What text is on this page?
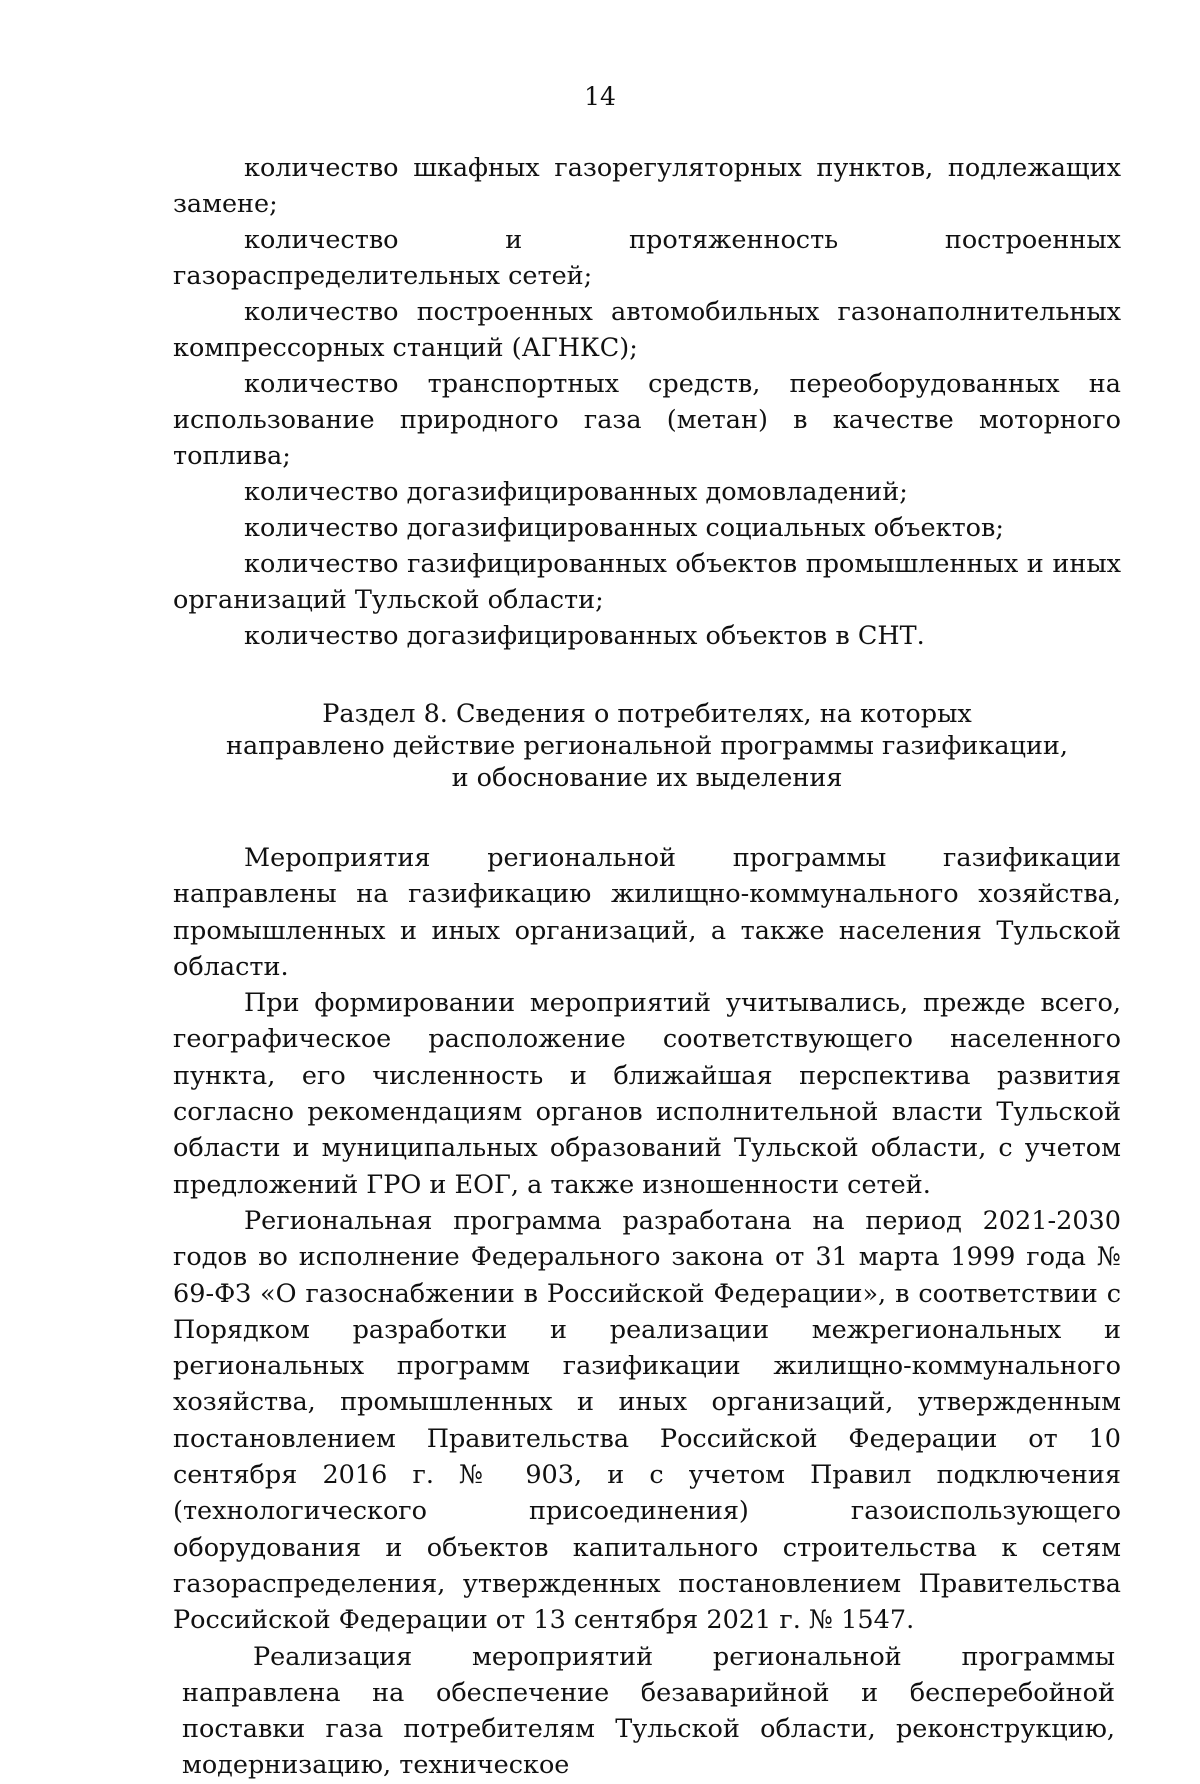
14

количество шкафных газорегуляторных пунктов, подлежащих замене;

количество и протяженность построенных газораспределительных сетей;

количество построенных автомобильных газонаполнительных компрессорных станций (АГНКС);

количество транспортных средств, переоборудованных на использование природного газа (метан) в качестве моторного топлива;

количество догазифицированных домовладений;

количество догазифицированных социальных объектов;

количество газифицированных объектов промышленных и иных организаций Тульской области;

количество догазифицированных объектов в СНТ.

Раздел 8. Сведения о потребителях, на которых
направлено действие региональной программы газификации,
и обоснование их выделения

Мероприятия региональной программы газификации направлены на газификацию жилищно-коммунального хозяйства, промышленных и иных организаций, а также населения Тульской области.

При формировании мероприятий учитывались, прежде всего, географическое расположение соответствующего населенного пункта, его численность и ближайшая перспектива развития согласно рекомендациям органов исполнительной власти Тульской области и муниципальных образований Тульской области, с учетом предложений ГРО и ЕОГ, а также изношенности сетей.

Региональная программа разработана на период 2021-2030 годов во исполнение Федерального закона от 31 марта 1999 года № 69-ФЗ «О газоснабжении в Российской Федерации», в соответствии с Порядком разработки и реализации межрегиональных и региональных программ газификации жилищно-коммунального хозяйства, промышленных и иных организаций, утвержденным постановлением Правительства Российской Федерации от 10 сентября 2016 г. № 903, и с учетом Правил подключения (технологического присоединения) газоиспользующего оборудования и объектов капитального строительства к сетям газораспределения, утвержденных постановлением Правительства Российской Федерации от 13 сентября 2021 г. № 1547.

Реализация мероприятий региональной программы направлена на обеспечение безаварийной и бесперебойной поставки газа потребителям Тульской области, реконструкцию, модернизацию, техническое
